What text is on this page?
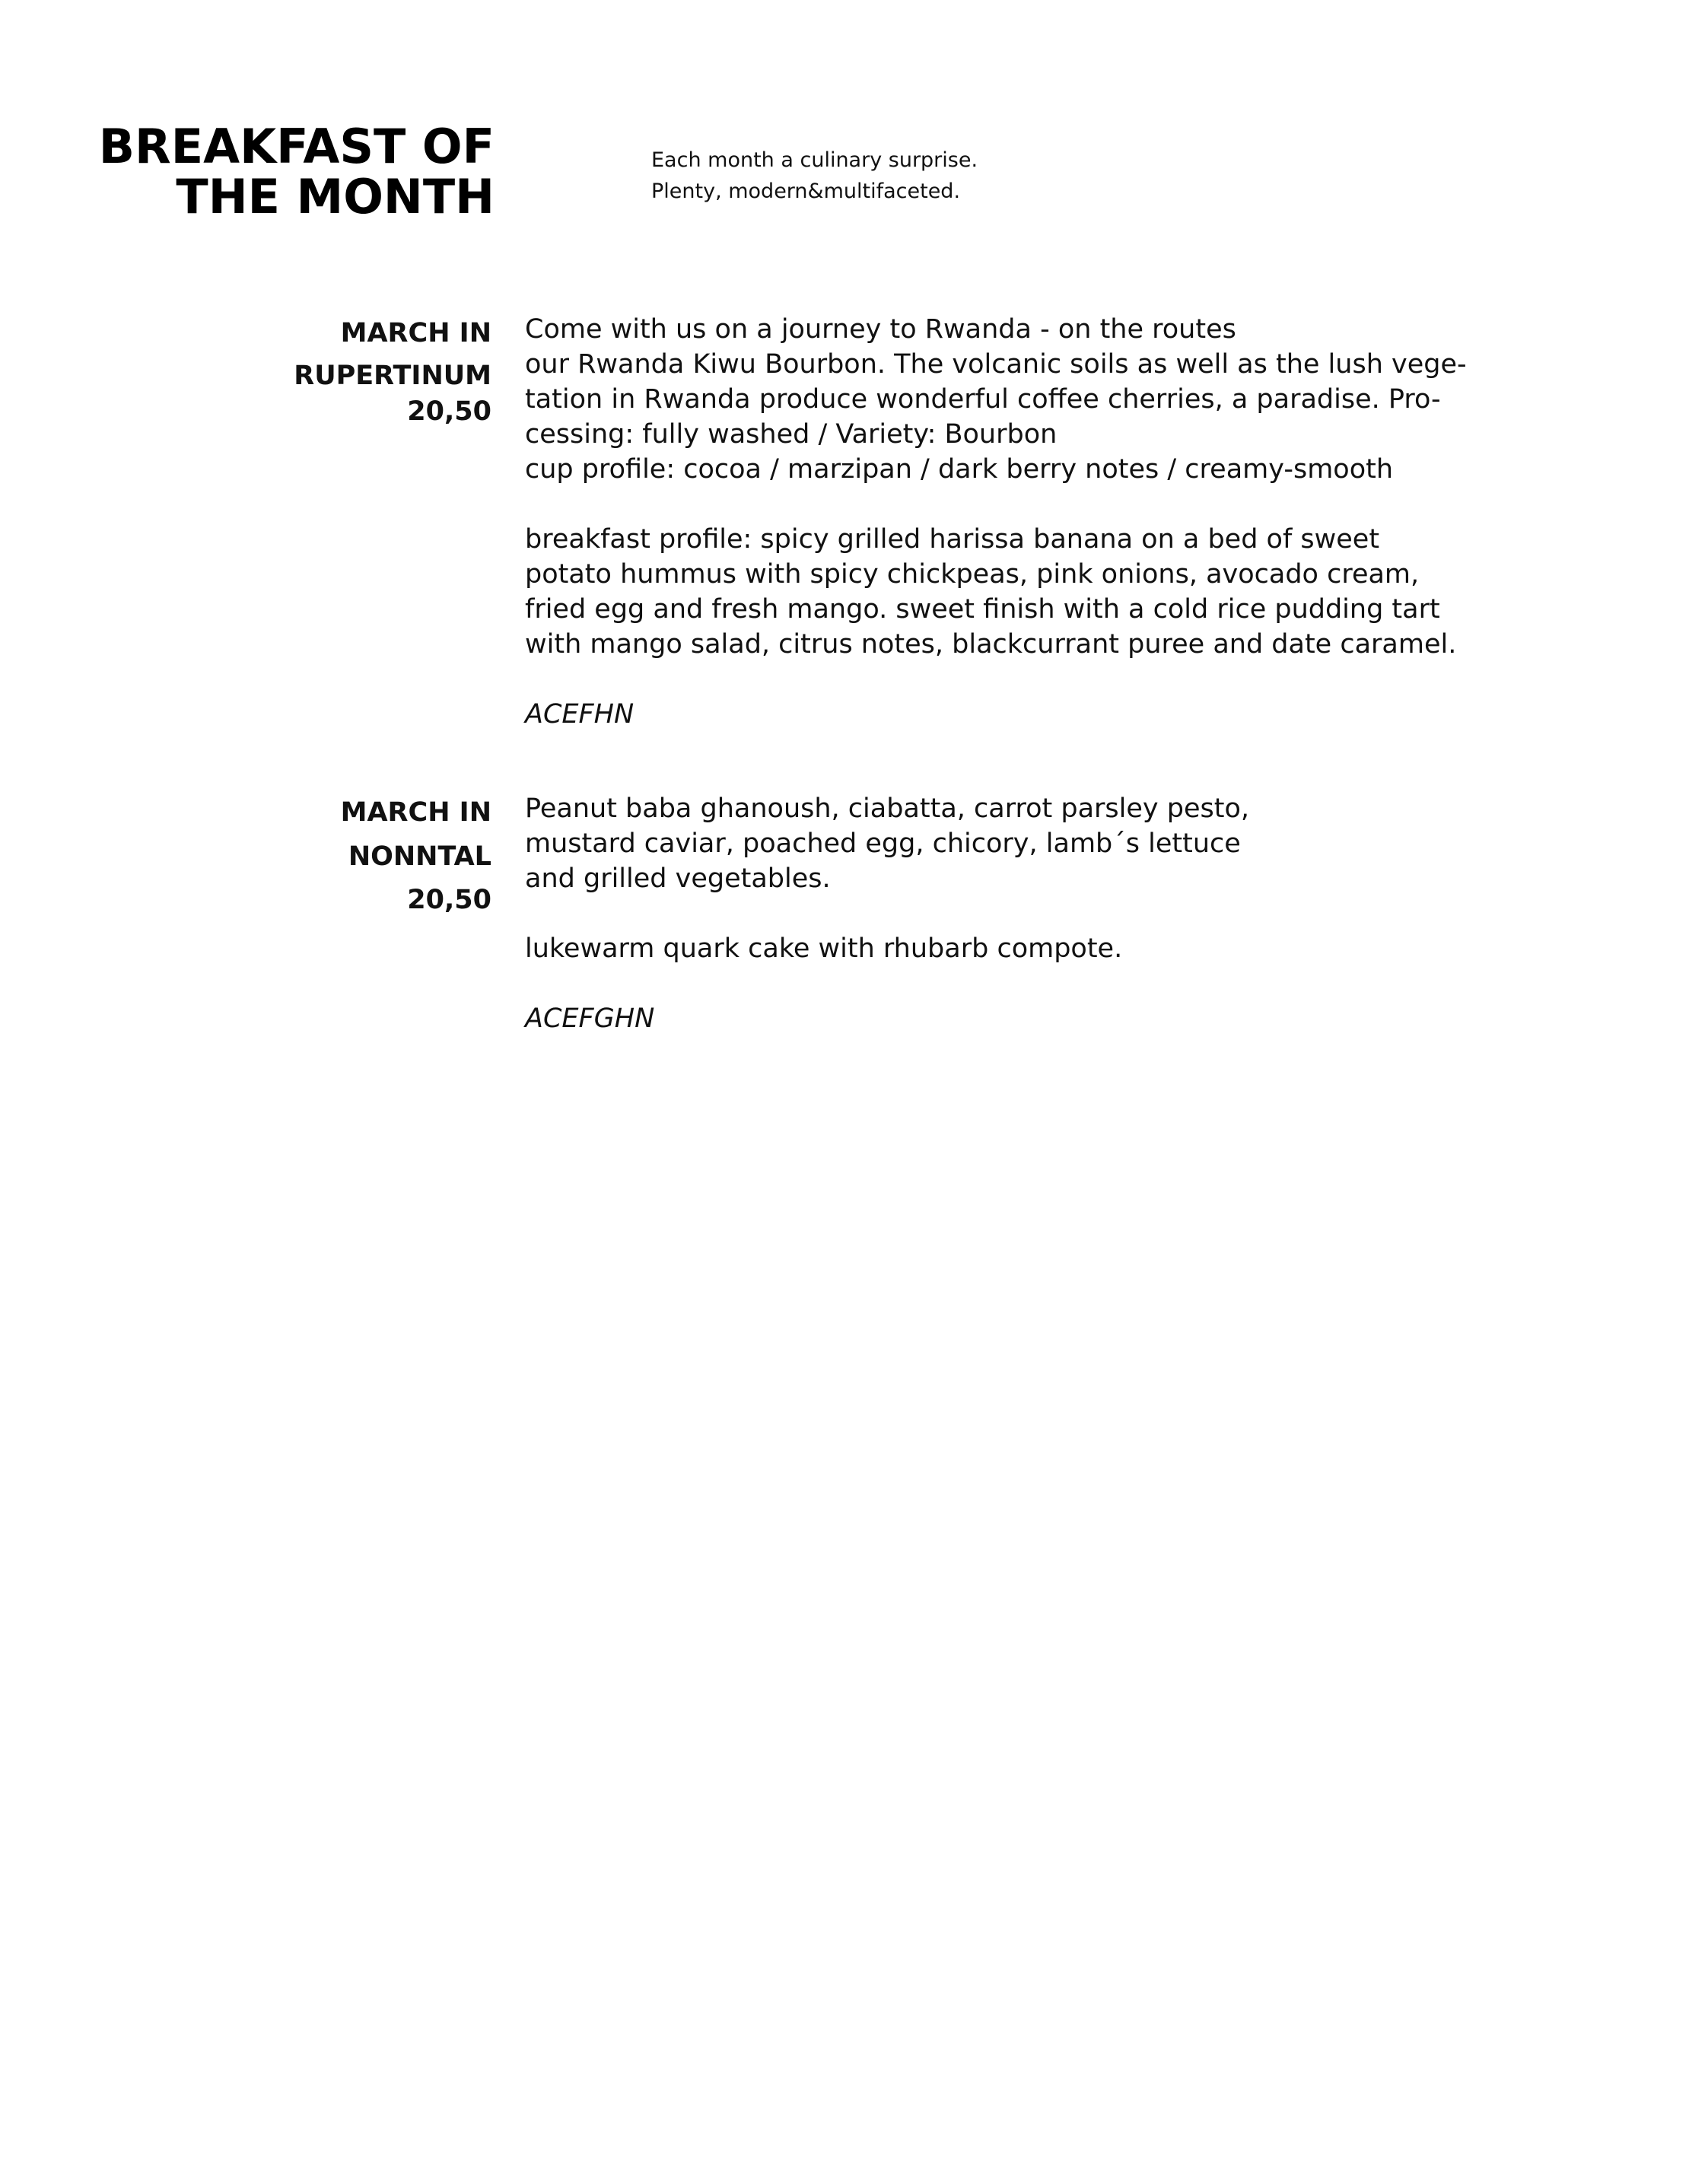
BREAKFAST OF
THE MONTH
Each month a culinary surprise.
Plenty, modern&multifaceted.
MARCH IN
RUPERTINUM
20,50
Come with us on a journey to Rwanda - on the routes
our Rwanda Kiwu Bourbon. The volcanic soils as well as the lush vege-
tation in Rwanda produce wonderful coffee cherries, a paradise. Pro-
cessing: fully washed / Variety: Bourbon
cup profile: cocoa / marzipan / dark berry notes / creamy-smooth
breakfast profile: spicy grilled harissa banana on a bed of sweet
potato hummus with spicy chickpeas, pink onions, avocado cream,
fried egg and fresh mango. sweet finish with a cold rice pudding tart
with mango salad, citrus notes, blackcurrant puree and date caramel.
ACEFHN
MARCH IN
NONNTAL
20,50
Peanut baba ghanoush, ciabatta, carrot parsley pesto,
mustard caviar, poached egg, chicory, lamb´s lettuce
and grilled vegetables.
lukewarm quark cake with rhubarb compote.
ACEFGHN
